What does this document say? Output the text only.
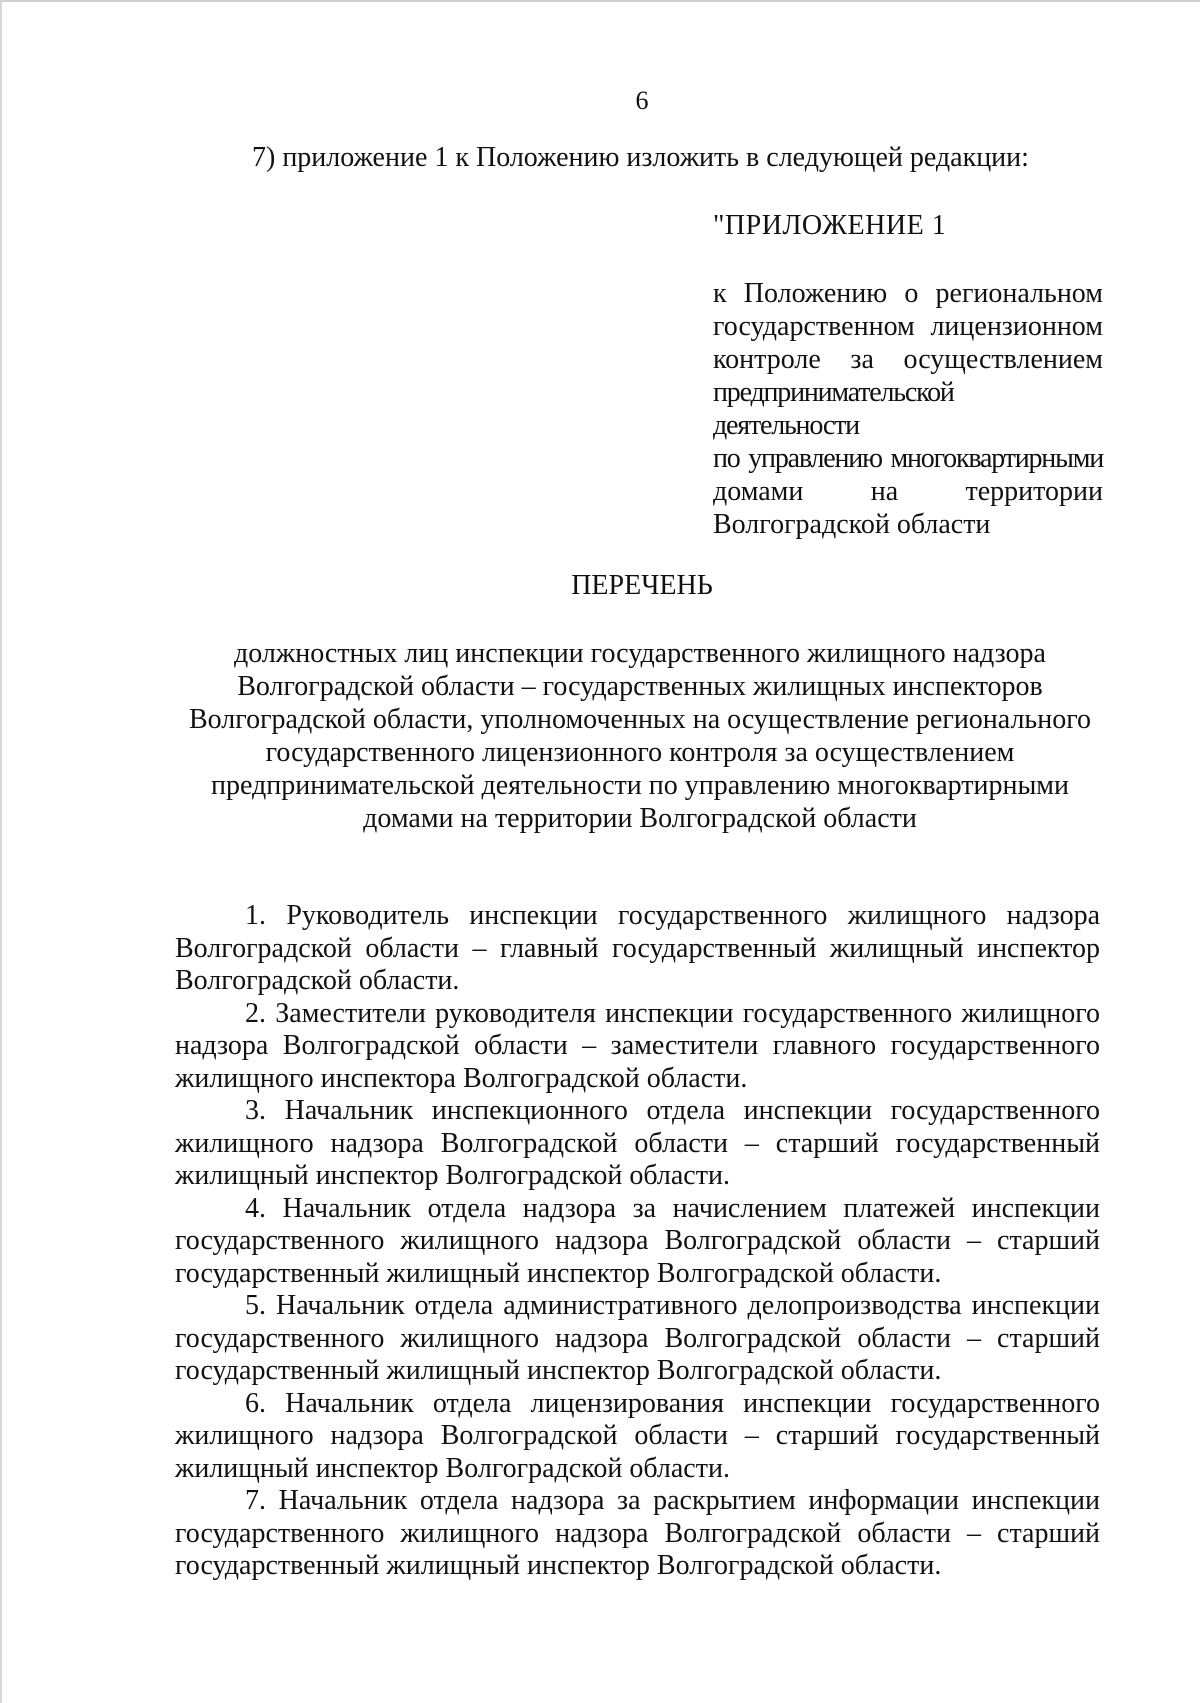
6
7) приложение 1 к Положению изложить в следующей редакции:
"ПРИЛОЖЕНИЕ 1
к Положению о региональном
государственном лицензионном
контроле за осуществлением
предпринимательской деятельности
по управлению многоквартирными
домами на территории
Волгоградской области
ПЕРЕЧЕНЬ
должностных лиц инспекции государственного жилищного надзора
Волгоградской области – государственных жилищных инспекторов
Волгоградской области, уполномоченных на осуществление регионального
государственного лицензионного контроля за осуществлением
предпринимательской деятельности по управлению многоквартирными
домами на территории Волгоградской области

1. Руководитель инспекции государственного жилищного надзора Волгоградской области – главный государственный жилищный инспектор Волгоградской области.

2. Заместители руководителя инспекции государственного жилищного надзора Волгоградской области – заместители главного государственного жилищного инспектора Волгоградской области.

3. Начальник инспекционного отдела инспекции государственного жилищного надзора Волгоградской области – старший государственный жилищный инспектор Волгоградской области.

4. Начальник отдела надзора за начислением платежей инспекции государственного жилищного надзора Волгоградской области – старший государственный жилищный инспектор Волгоградской области.

5. Начальник отдела административного делопроизводства инспекции государственного жилищного надзора Волгоградской области – старший государственный жилищный инспектор Волгоградской области.

6. Начальник отдела лицензирования инспекции государственного жилищного надзора Волгоградской области – старший государственный жилищный инспектор Волгоградской области.

7. Начальник отдела надзора за раскрытием информации инспекции государственного жилищного надзора Волгоградской области – старший государственный жилищный инспектор Волгоградской области.
